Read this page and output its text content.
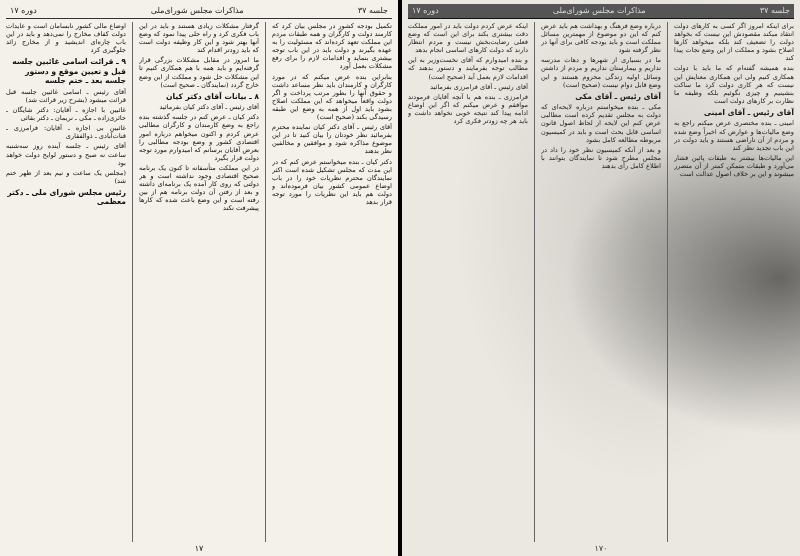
جلسه ۳۷
مذاکرات مجلس شورای‌ملی
دوره ۱۷

تکمیل بودجه‌ کشور در مجلس بیان کرد که کارمند دولت و کارگران و همه طبقات مردم این مملکت تعهد کرده‌اند که مسئولیت را به عهده بگیرند و دولت باید در این باب توجه بیشتری بنماید و اقدامات لازم را برای رفع مشکلات بعمل آورد

بنابراین بنده عرض میکنم که در مورد کارگران و کارمندان باید نظر مساعد داشت و حقوق آنها را بطور مرتب پرداخت و اگر دولت واقعاً میخواهد که این مملکت اصلاح بشود باید اول از همه به وضع این طبقه رسیدگی بکند (صحیح است)

آقای رئیس ـ آقای دکتر کیان نماینده محترم بفرمائید نظر خودتان را بیان کنید تا در این موضوع مذاکره شود و موافقین و مخالفین نظر بدهند

دکتر کیان ـ بنده میخواستم عرض کنم که در این مدت که مجلس تشکیل شده است اکثر نمایندگان محترم نظریات خود را در باب اوضاع عمومی کشور بیان فرموده‌اند و دولت هم باید این نظریات را مورد توجه قرار بدهد

گرفتار مشکلات زیادی هستند و باید در این باب فکری کرد و راه حلی پیدا نمود که وضع آنها بهتر شود و این کار وظیفه دولت است که باید زودتر اقدام کند

ما امروز در مقابل مشکلات بزرگی قرار گرفته‌ایم و باید همه با هم همکاری کنیم تا این مشکلات حل شود و مملکت از این وضع خارج گردد (نمایندگان ـ صحیح است)

۸ ـ بیانات آقای دکتر کیان

آقای رئیس ـ آقای دکتر کیان بفرمائید

دکتر کیان ـ عرض کنم در جلسه گذشته بنده راجع به وضع کارمندان و کارگران مطالبی عرض کردم و اکنون میخواهم درباره امور اقتصادی کشور و وضع بودجه مطالبی را بعرض آقایان برسانم که امیدوارم مورد توجه دولت قرار بگیرد

در این مملکت متأسفانه تا کنون یک برنامه صحیح اقتصادی وجود نداشته است و هر دولتی که روی کار آمده یک برنامه‌ای داشته و بعد از رفتن آن دولت برنامه هم از بین رفته است و این وضع باعث شده که کارها پیشرفت نکند

اوضاع مالی کشور نابسامان است و عایدات دولت کفاف مخارج را نمی‌دهد و باید در این باب چاره‌ای اندیشید و از مخارج زائد جلوگیری کرد

۹ ـ قرائت اسامی غائبین جلسه قبل و تعیین موقع و دستور جلسه بعد ـ ختم جلسه

آقای رئیس ـ اسامی غائبین جلسه قبل قرائت میشود (بشرح زیر قرائت شد)

غائبین با اجازه ـ آقایان: دکتر شایگان ـ حائری‌زاده ـ مکی ـ نریمان ـ دکتر بقائی

غائبین بی اجازه ـ آقایان: فرامرزی ـ قنات‌آبادی ـ ذوالفقاری

آقای رئیس ـ جلسه آینده روز سه‌شنبه ساعت نه صبح و دستور لوایح دولت خواهد بود

(مجلس یک ساعت و نیم بعد از ظهر ختم شد)

رئیس مجلس شورای ملی ـ دکتر معظمی
۱۷
جلسه ۳۷
مذاکرات مجلس شورای‌ملی
دوره ۱۷

برای اینکه امروز اگر کسی به کارهای دولت انتقاد میکند مقصودش این نیست که بخواهد دولت را تضعیف کند بلکه میخواهد کارها اصلاح بشود و مملکت از این وضع نجات پیدا کند

بنده همیشه گفته‌ام که ما باید با دولت همکاری کنیم ولی این همکاری معنایش این نیست که هر کاری دولت کرد ما ساکت بنشینیم و چیزی نگوئیم بلکه وظیفه ما نظارت بر کارهای دولت است

آقای رئیس ـ آقای امینی

امینی ـ بنده مختصری عرض میکنم راجع به وضع مالیات‌ها و عوارض که اخیراً وضع شده و مردم از آن ناراضی هستند و باید دولت در این باب تجدید نظر کند

این مالیات‌ها بیشتر به طبقات پائین فشار می‌آورد و طبقات متمکن کمتر از آن متضرر میشوند و این بر خلاف اصول عدالت است

درباره وضع فرهنگ و بهداشت هم باید عرض کنم که این دو موضوع از مهمترین مسائل مملکت است و باید بودجه کافی برای آنها در نظر گرفته شود

ما در بسیاری از شهرها و دهات مدرسه نداریم و بیمارستان نداریم و مردم از داشتن وسائل اولیه زندگی محروم هستند و این وضع قابل دوام نیست (صحیح است)

آقای رئیس ـ آقای مکی

مکی ـ بنده میخواستم درباره لایحه‌ای که دولت به مجلس تقدیم کرده است مطالبی عرض کنم این لایحه از لحاظ اصول قانون اساسی قابل بحث است و باید در کمیسیون مربوطه مطالعه کامل بشود

و بعد از آنکه کمیسیون نظر خود را داد در مجلس مطرح شود تا نمایندگان بتوانند با اطلاع کامل رأی بدهند

اینکه عرض کردم دولت باید در امور مملکت دقت بیشتری بکند برای این است که وضع فعلی رضایت‌بخش نیست و مردم انتظار دارند که دولت کارهای اساسی انجام بدهد

و بنده امیدوارم که آقای نخست‌وزیر به این مطالب توجه بفرمایند و دستور بدهند که اقدامات لازم بعمل آید (صحیح است)

آقای رئیس ـ آقای فرامرزی بفرمائید

فرامرزی ـ بنده هم با آنچه آقایان فرمودند موافقم و عرض میکنم که اگر این اوضاع ادامه پیدا کند نتیجه خوبی نخواهد داشت و باید هر چه زودتر فکری کرد

۱۷۰
